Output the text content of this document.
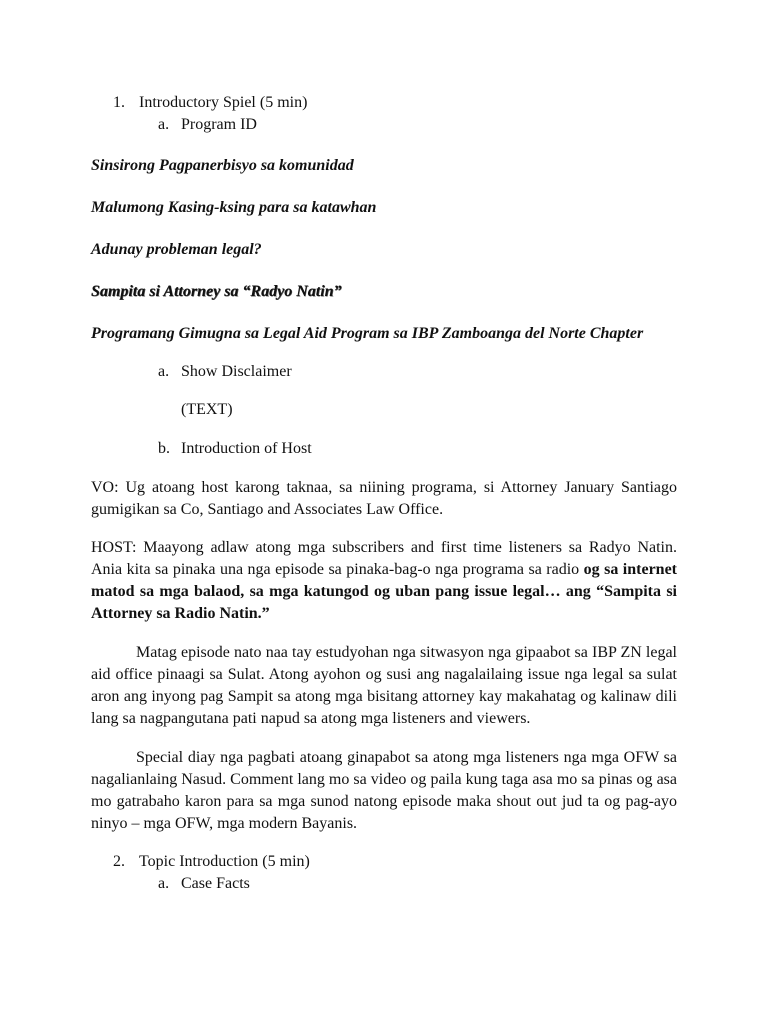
1. Introductory Spiel (5 min)
a. Program ID

Sinsirong Pagpanerbisyo sa komunidad

Malumong Kasing-ksing para sa katawhan

Adunay probleman legal?

Sampita si Attorney sa “Radyo Natin”

Programang Gimugna sa Legal Aid Program sa IBP Zamboanga del Norte Chapter

a. Show Disclaimer

(TEXT)

b. Introduction of Host

VO: Ug atoang host karong taknaa, sa niining programa, si Attorney January Santiago gumigikan sa Co, Santiago and Associates Law Office.

HOST: Maayong adlaw atong mga subscribers and first time listeners sa Radyo Natin. Ania kita sa pinaka una nga episode sa pinaka-bag-o nga programa sa radio og sa internet matod sa mga balaod, sa mga katungod og uban pang issue legal… ang “Sampita si Attorney sa Radio Natin.”

Matag episode nato naa tay estudyohan nga sitwasyon nga gipaabot sa IBP ZN legal aid office pinaagi sa Sulat. Atong ayohon og susi ang nagalailaing issue nga legal sa sulat aron ang inyong pag Sampit sa atong mga bisitang attorney kay makahatag og kalinaw dili lang sa nagpangutana pati napud sa atong mga listeners and viewers.

Special diay nga pagbati atoang ginapabot sa atong mga listeners nga mga OFW sa nagalianlaing Nasud. Comment lang mo sa video og paila kung taga asa mo sa pinas og asa mo gatrabaho karon para sa mga sunod natong episode maka shout out jud ta og pag-ayo ninyo – mga OFW, mga modern Bayanis.

2. Topic Introduction (5 min)
a. Case Facts
